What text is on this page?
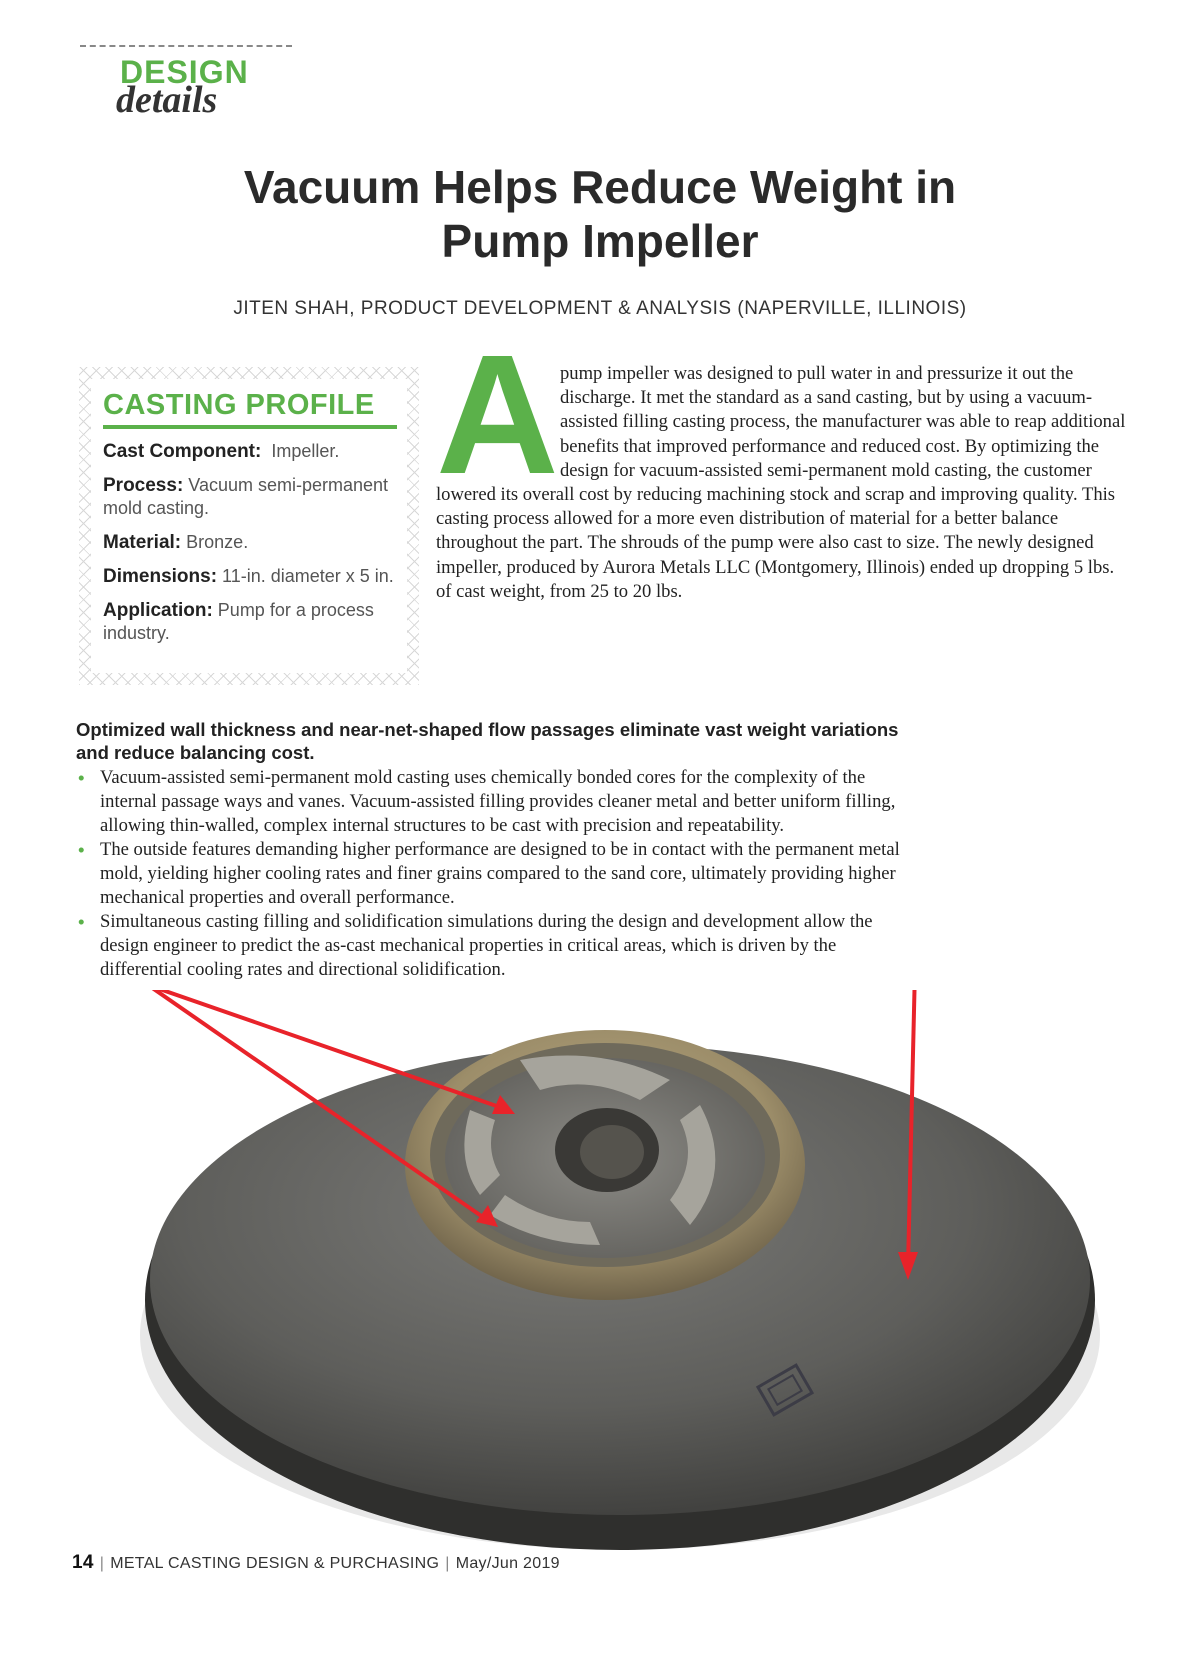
DESIGN
details
Vacuum Helps Reduce Weight in
Pump Impeller
JITEN SHAH, PRODUCT DEVELOPMENT & ANALYSIS (NAPERVILLE, ILLINOIS)
CASTING PROFILE
Cast Component: Impeller.
Process: Vacuum semi-permanent mold casting.
Material: Bronze.
Dimensions: 11-in. diameter x 5 in.
Application: Pump for a process industry.
A pump impeller was designed to pull water in and pressurize it out the discharge. It met the standard as a sand casting, but by using a vacuum-assisted filling casting process, the manufacturer was able to reap additional benefits that improved performance and reduced cost. By optimizing the design for vacuum-assisted semi-permanent mold casting, the customer lowered its overall cost by reducing machining stock and scrap and improving quality. This casting process allowed for a more even distribution of material for a better balance throughout the part. The shrouds of the pump were also cast to size. The newly designed impeller, produced by Aurora Metals LLC (Montgomery, Illinois) ended up dropping 5 lbs. of cast weight, from 25 to 20 lbs.

Optimized wall thickness and near-net-shaped flow passages eliminate vast weight variations and reduce balancing cost.
• Vacuum-assisted semi-permanent mold casting uses chemically bonded cores for the complexity of the internal passage ways and vanes. Vacuum-assisted filling provides cleaner metal and better uniform filling, allowing thin-walled, complex internal structures to be cast with precision and repeatability.
• The outside features demanding higher performance are designed to be in contact with the permanent metal mold, yielding higher cooling rates and finer grains compared to the sand core, ultimately providing higher mechanical properties and overall performance.
• Simultaneous casting filling and solidification simulations during the design and development allow the design engineer to predict the as-cast mechanical properties in critical areas, which is driven by the differential cooling rates and directional solidification.
14 | METAL CASTING DESIGN & PURCHASING | May/Jun 2019
